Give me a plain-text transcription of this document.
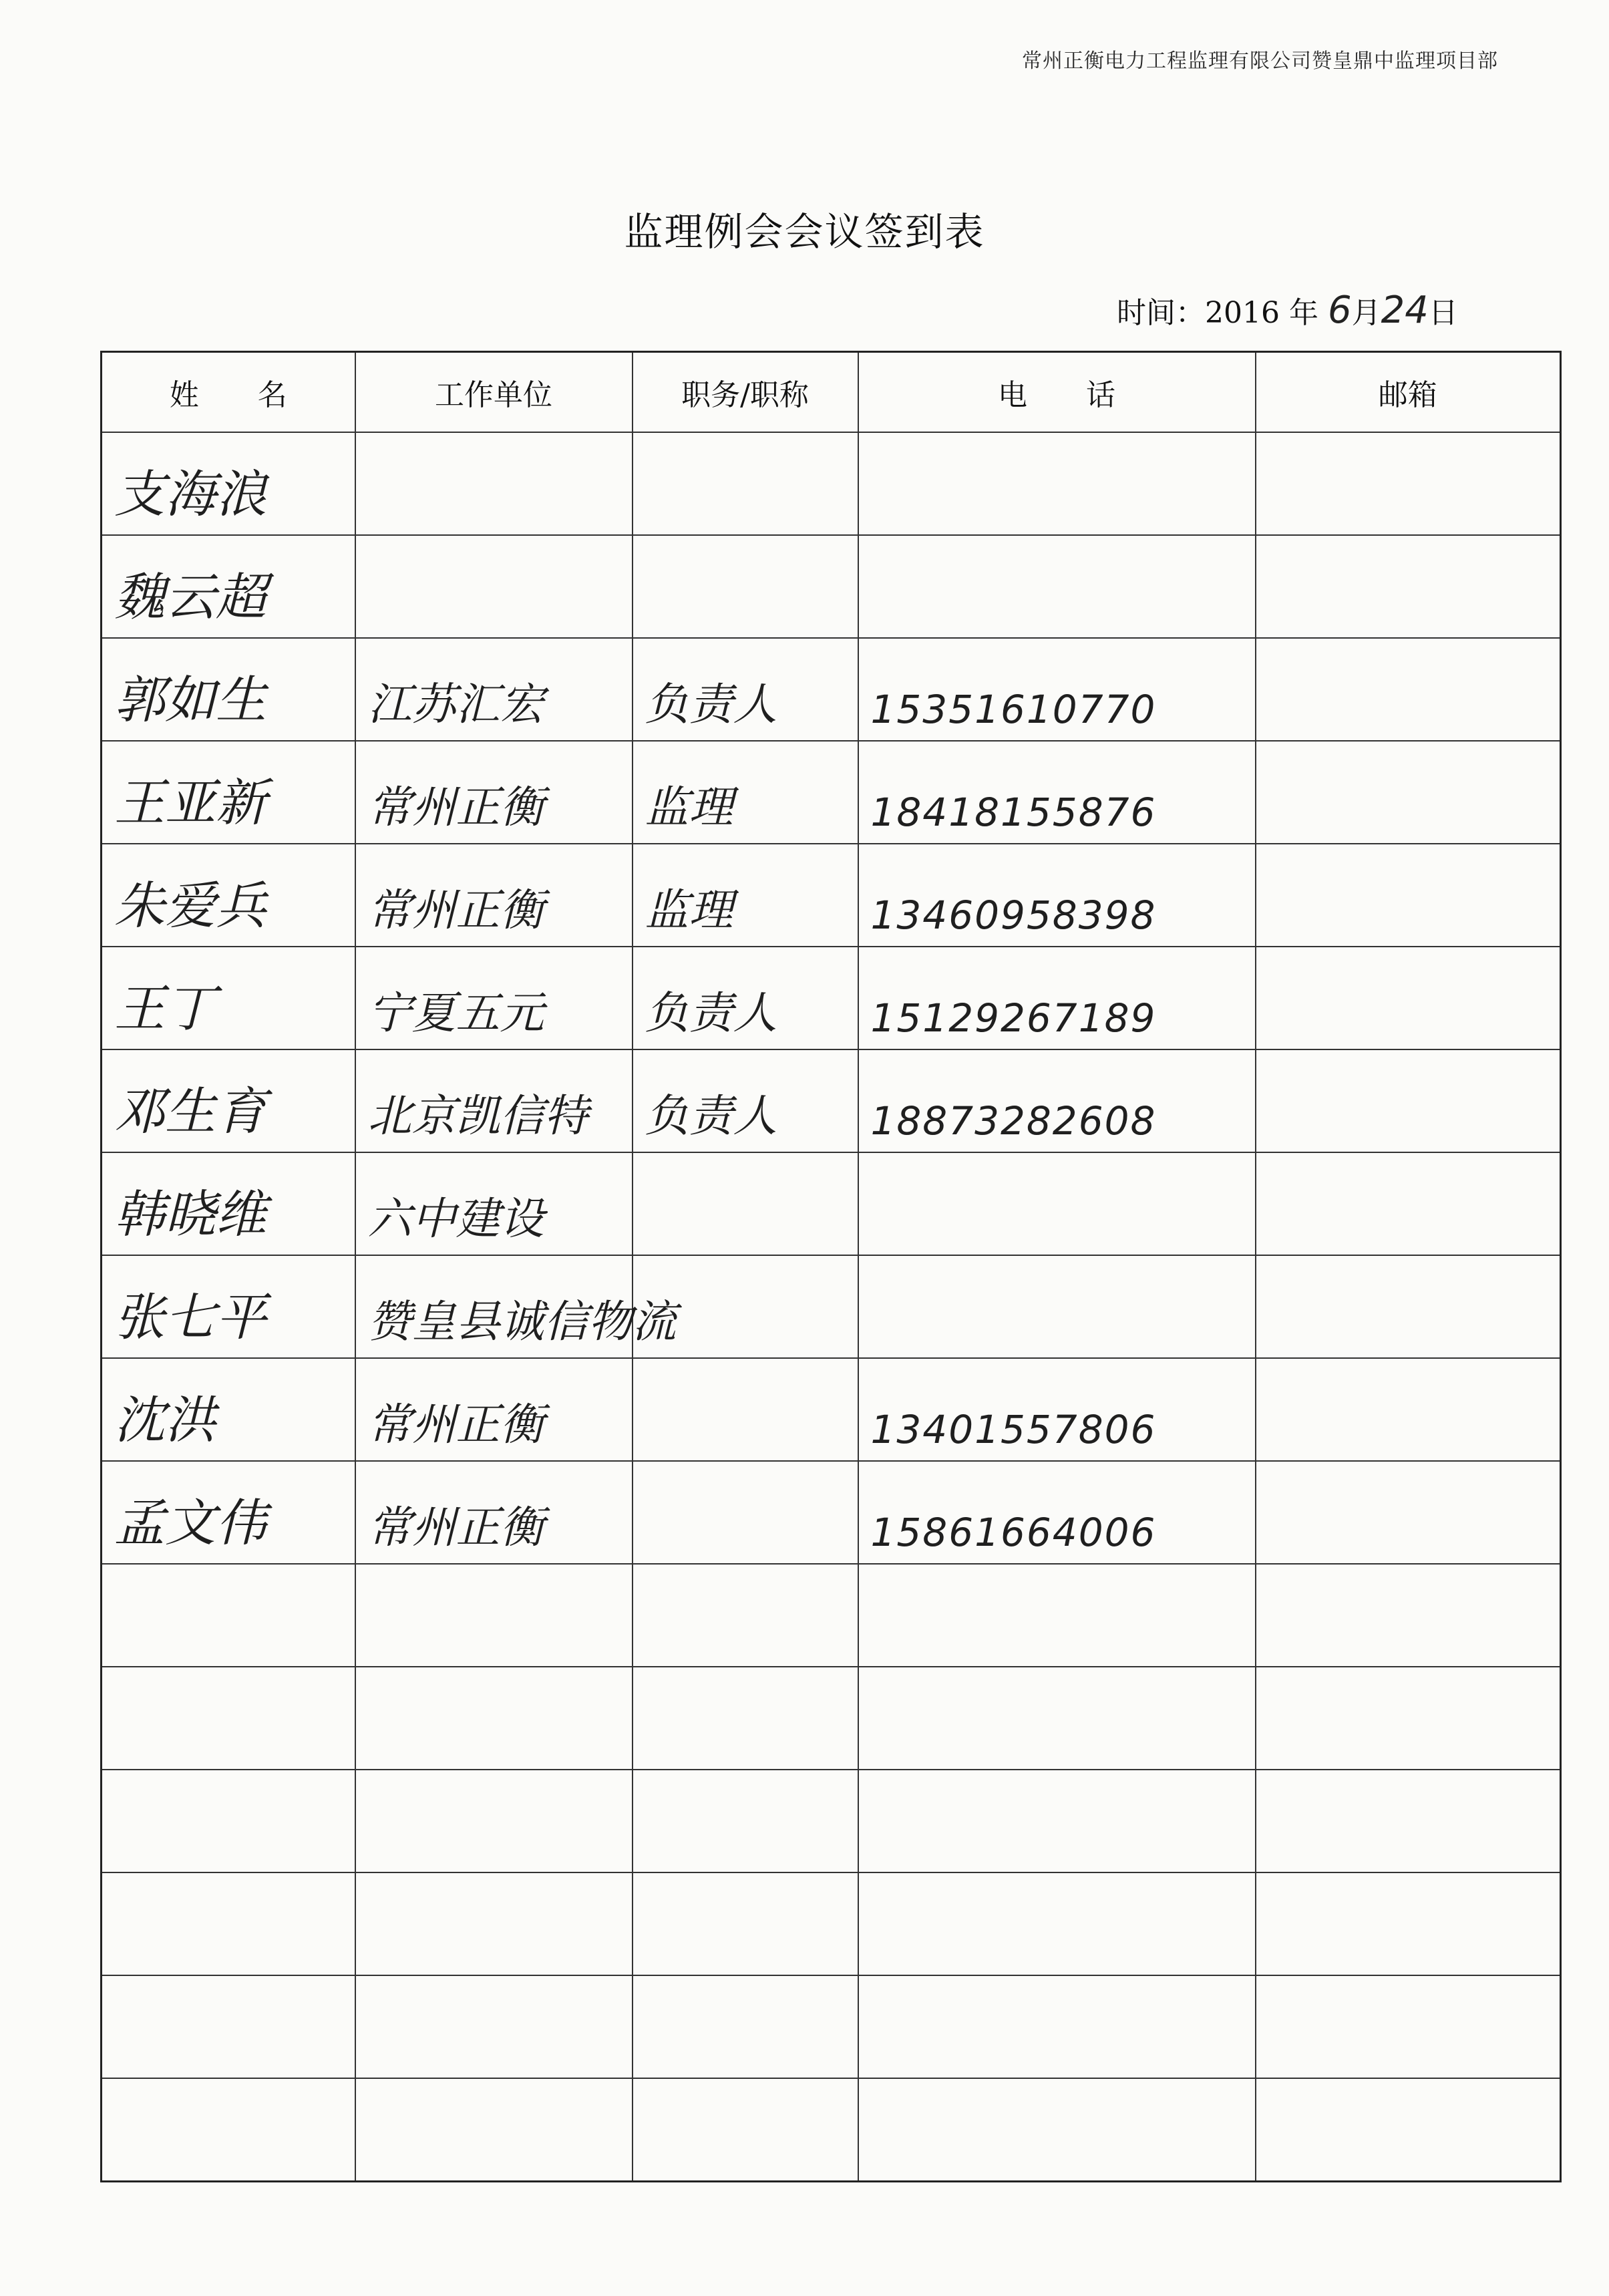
常州正衡电力工程监理有限公司赞皇鼎中监理项目部
监理例会会议签到表
时间：2016 年 6月24日
姓　　名	工作单位	职务/职称	电　　话	邮箱
支海浪				
魏云超				
郭如生	江苏汇宏	负责人	15351610770	
王亚新	常州正衡	监理	18418155876	
朱爱兵	常州正衡	监理	13460958398	
王丁	宁夏五元	负责人	15129267189	
邓生育	北京凯信特	负责人	18873282608	
韩晓维	六中建设			
张七平	赞皇县诚信物流			
沈洪	常州正衡		13401557806	
孟文伟	常州正衡		15861664006	
